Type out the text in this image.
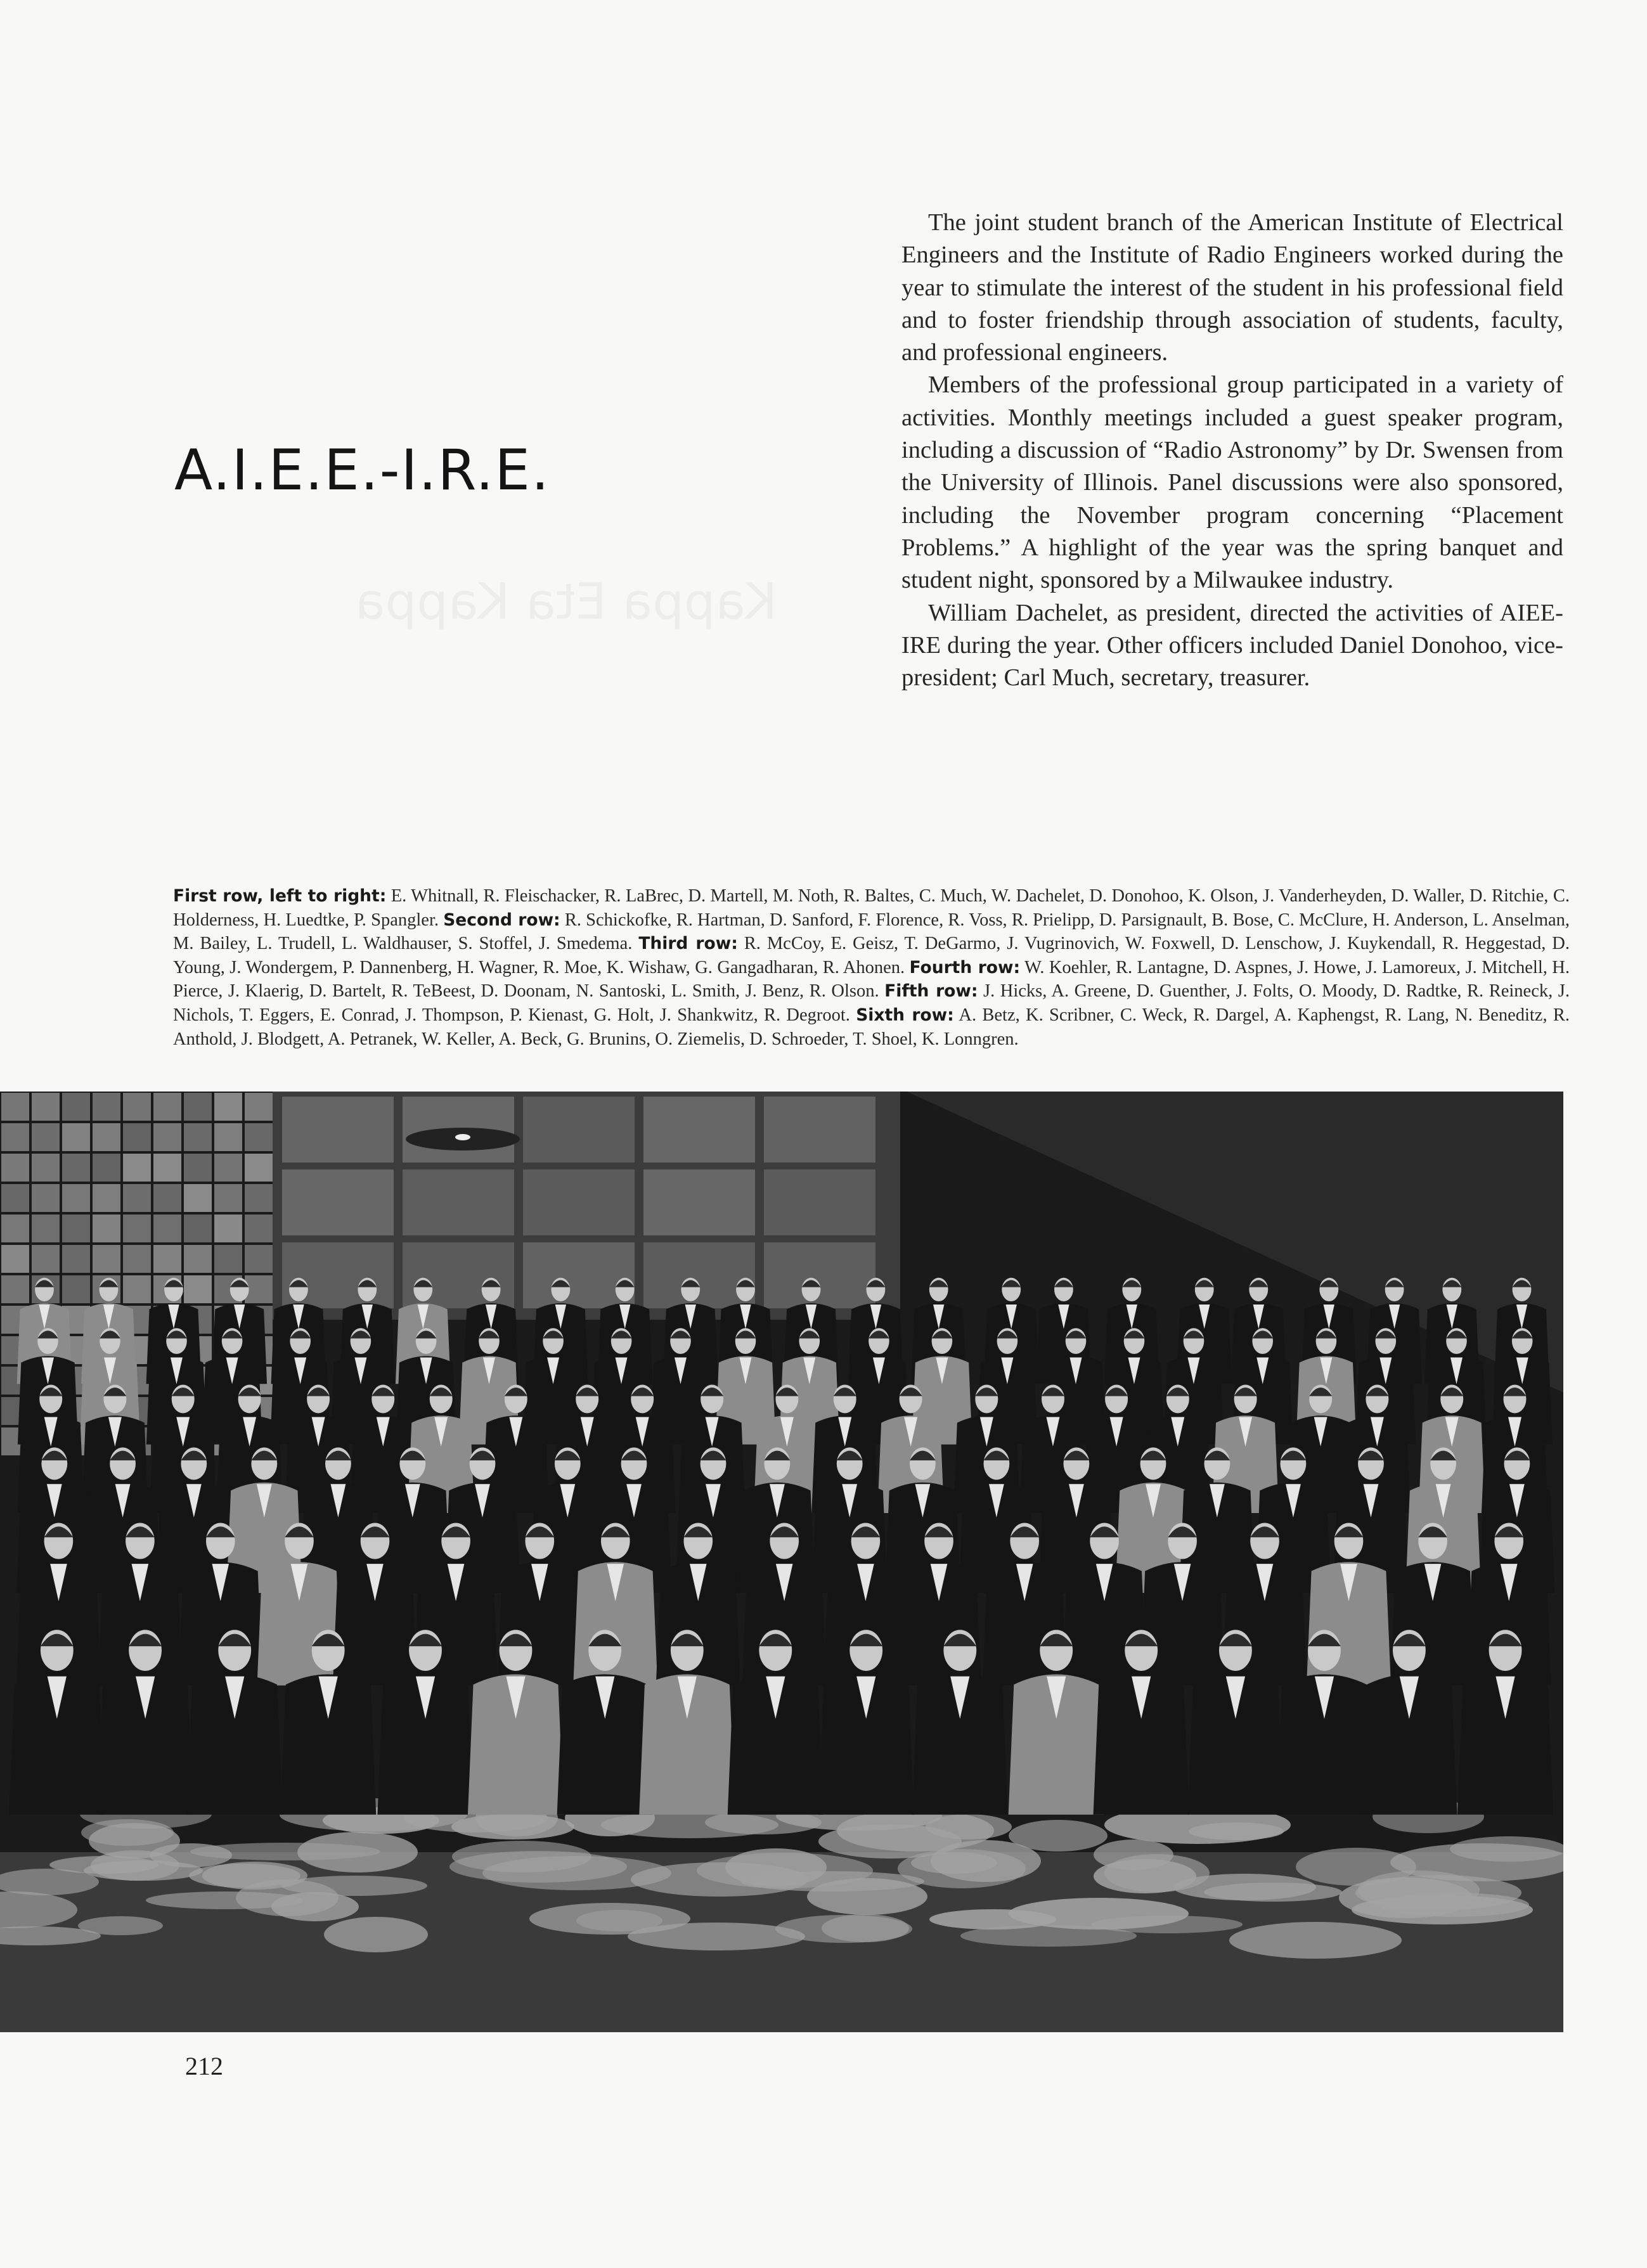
Kappa Eta Kappa
A.I.E.E.-I.R.E.

The joint student branch of the American Institute of Electrical Engineers and the Institute of Radio Engineers worked during the year to stimulate the interest of the student in his professional field and to foster friendship through association of students, faculty, and professional engineers.

Members of the professional group participated in a variety of activities. Monthly meetings included a guest speaker program, including a discussion of “Radio Astronomy” by Dr. Swensen from the University of Illinois. Panel discussions were also sponsored, including the November program concerning “Placement Problems.” A highlight of the year was the spring banquet and student night, sponsored by a Milwaukee industry.

William Dachelet, as president, directed the activities of AIEE-IRE during the year. Other officers included Daniel Donohoo, vice-president; Carl Much, secretary, treasurer.

First row, left to right: E. Whitnall, R. Fleischacker, R. LaBrec, D. Martell, M. Noth, R. Baltes, C. Much, W. Dachelet, D. Donohoo, K. Olson, J. Vanderheyden, D. Waller, D. Ritchie, C. Holderness, H. Luedtke, P. Spangler. Second row: R. Schickofke, R. Hartman, D. Sanford, F. Florence, R. Voss, R. Prielipp, D. Parsignault, B. Bose, C. McClure, H. Anderson, L. Anselman, M. Bailey, L. Trudell, L. Waldhauser, S. Stoffel, J. Smedema. Third row: R. McCoy, E. Geisz, T. DeGarmo, J. Vugrinovich, W. Foxwell, D. Lenschow, J. Kuykendall, R. Heggestad, D. Young, J. Wondergem, P. Dannenberg, H. Wagner, R. Moe, K. Wishaw, G. Gangadharan, R. Ahonen. Fourth row: W. Koehler, R. Lantagne, D. Aspnes, J. Howe, J. Lamoreux, J. Mitchell, H. Pierce, J. Klaerig, D. Bartelt, R. TeBeest, D. Doonam, N. Santoski, L. Smith, J. Benz, R. Olson. Fifth row: J. Hicks, A. Greene, D. Guenther, J. Folts, O. Moody, D. Radtke, R. Reineck, J. Nichols, T. Eggers, E. Conrad, J. Thompson, P. Kienast, G. Holt, J. Shankwitz, R. Degroot. Sixth row: A. Betz, K. Scribner, C. Weck, R. Dargel, A. Kaphengst, R. Lang, N. Beneditz, R. Anthold, J. Blodgett, A. Petranek, W. Keller, A. Beck, G. Brunins, O. Ziemelis, D. Schroeder, T. Shoel, K. Lonngren.
212
